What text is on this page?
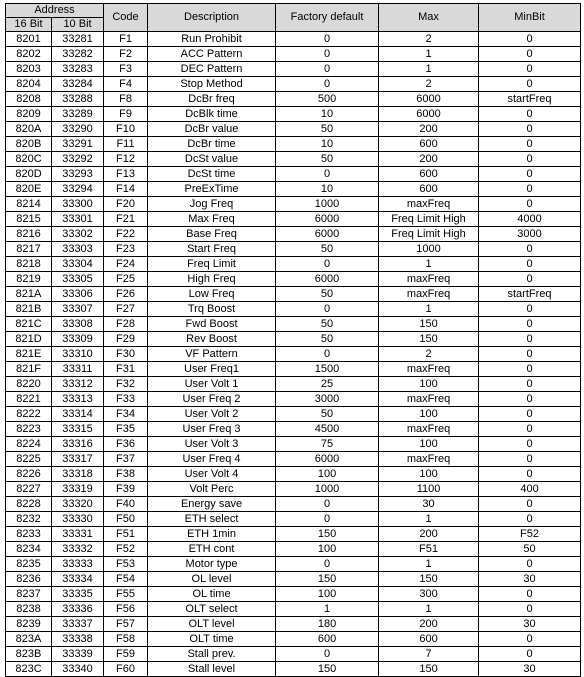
Address		Code	Description	Factory default	Max	MinBit
16 Bit	10 Bit					
8201	33281	F1	Run Prohibit	0	2	0
8202	33282	F2	ACC Pattern	0	1	0
8203	33283	F3	DEC Pattern	0	1	0
8204	33284	F4	Stop Method	0	2	0
8208	33288	F8	DcBr freq	500	6000	startFreq
8209	33289	F9	DcBlk time	10	6000	0
820A	33290	F10	DcBr value	50	200	0
820B	33291	F11	DcBr time	10	600	0
820C	33292	F12	DcSt value	50	200	0
820D	33293	F13	DcSt time	0	600	0
820E	33294	F14	PreExTime	10	600	0
8214	33300	F20	Jog Freq	1000	maxFreq	0
8215	33301	F21	Max Freq	6000	Freq Limit High	4000
8216	33302	F22	Base Freq	6000	Freq Limit High	3000
8217	33303	F23	Start Freq	50	1000	0
8218	33304	F24	Freq Limit	0	1	0
8219	33305	F25	High Freq	6000	maxFreq	0
821A	33306	F26	Low Freq	50	maxFreq	startFreq
821B	33307	F27	Trq Boost	0	1	0
821C	33308	F28	Fwd Boost	50	150	0
821D	33309	F29	Rev Boost	50	150	0
821E	33310	F30	VF Pattern	0	2	0
821F	33311	F31	User Freq1	1500	maxFreq	0
8220	33312	F32	User Volt 1	25	100	0
8221	33313	F33	User Freq 2	3000	maxFreq	0
8222	33314	F34	User Volt 2	50	100	0
8223	33315	F35	User Freq 3	4500	maxFreq	0
8224	33316	F36	User Volt 3	75	100	0
8225	33317	F37	User Freq 4	6000	maxFreq	0
8226	33318	F38	User Volt 4	100	100	0
8227	33319	F39	Volt Perc	1000	1100	400
8228	33320	F40	Energy save	0	30	0
8232	33330	F50	ETH select	0	1	0
8233	33331	F51	ETH 1min	150	200	F52
8234	33332	F52	ETH cont	100	F51	50
8235	33333	F53	Motor type	0	1	0
8236	33334	F54	OL level	150	150	30
8237	33335	F55	OL time	100	300	0
8238	33336	F56	OLT select	1	1	0
8239	33337	F57	OLT level	180	200	30
823A	33338	F58	OLT time	600	600	0
823B	33339	F59	Stall prev.	0	7	0
823C	33340	F60	Stall level	150	150	30
